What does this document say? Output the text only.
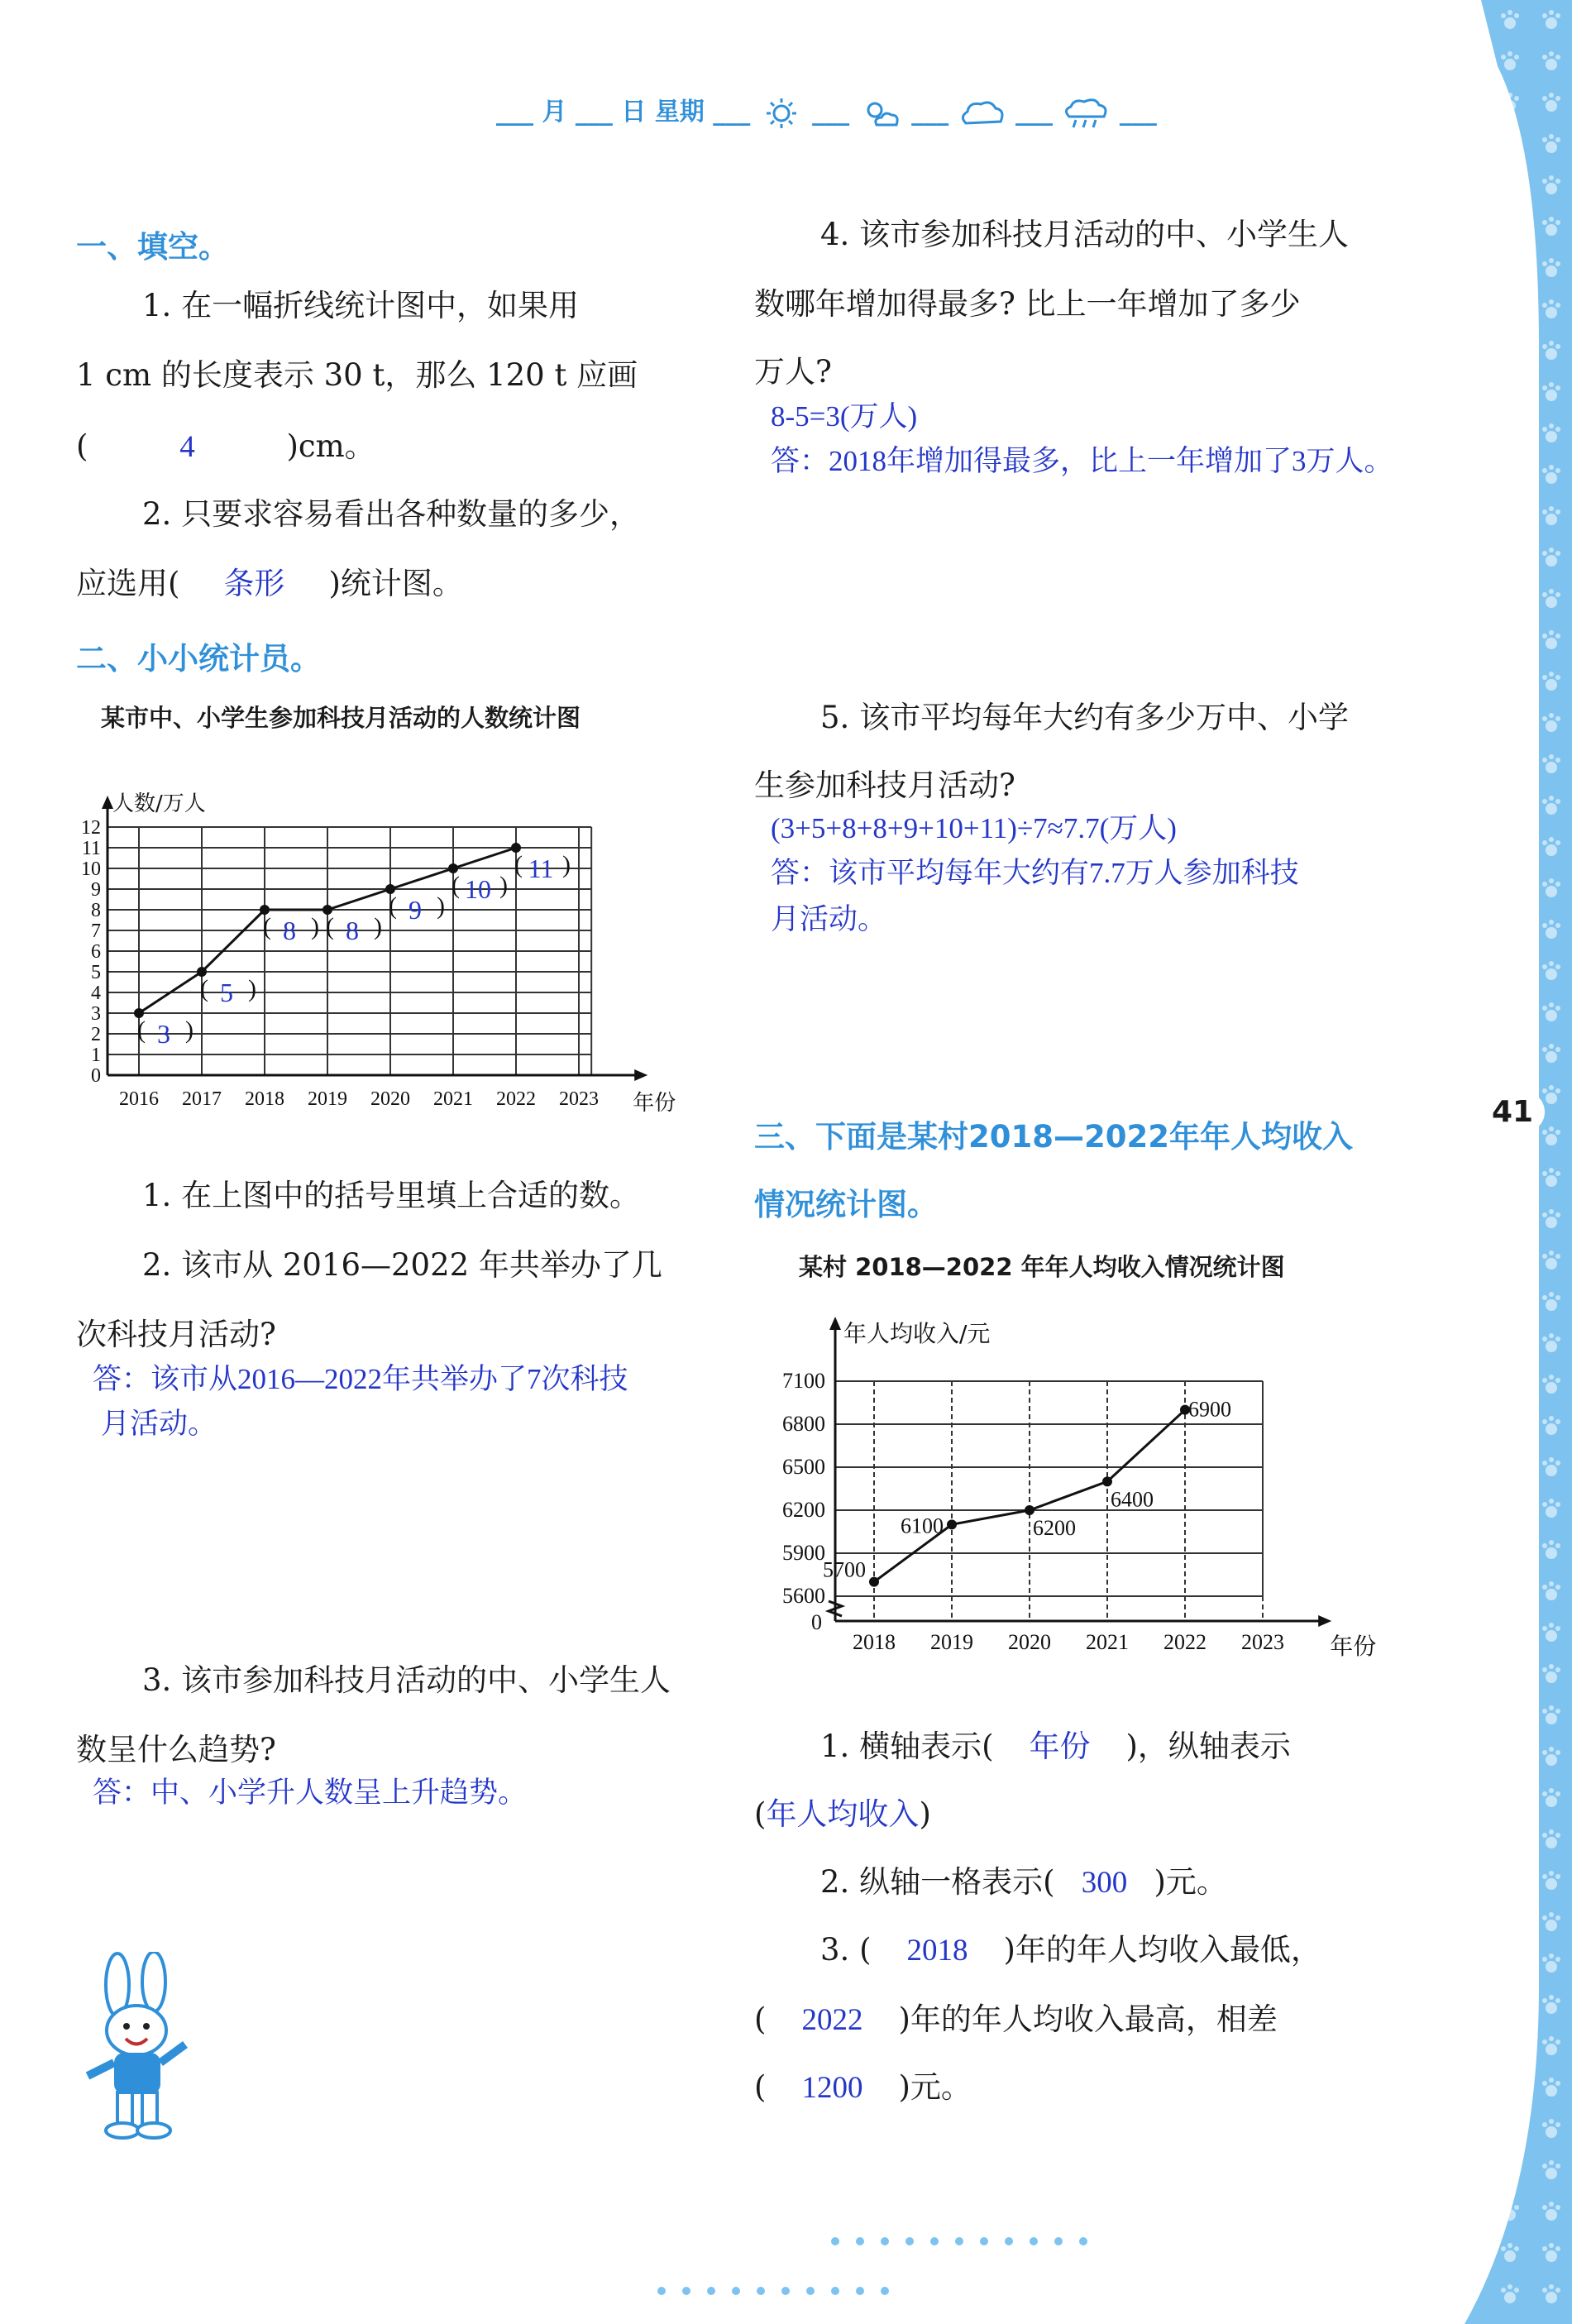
___ 月 ___ 日 星期 ___  ___  ___  ___  ___
41
一、填空。
1. 在一幅折线统计图中，如果用
1 cm 的长度表示 30 t，那么 120 t 应画
(	4	)cm。
2. 只要求容易看出各种数量的多少，
应选用( 条形 )统计图。
二、小小统计员。
某市中、小学生参加科技月活动的人数统计图
0
1
2
3
4
5
6
7
8
9
10
11
12
人数/万人
2016 2017 2018 2019 2020 2021 2022 2023 年份
( )
3
( )
5
( )
8 ( )
8
( )
9
( )
10
( )
11
1. 在上图中的括号里填上合适的数。
2. 该市从 2016—2022 年共举办了几
次科技月活动?
答：该市从2016—2022年共举办了7次科技
月活动。
3. 该市参加科技月活动的中、小学生人
数呈什么趋势?
答：中、小学升人数呈上升趋势。
4. 该市参加科技月活动的中、小学生人
数哪年增加得最多? 比上一年增加了多少
万人?
8-5=3(万人)
答：2018年增加得最多，比上一年增加了3万人。
5. 该市平均每年大约有多少万中、小学
生参加科技月活动?
(3+5+8+8+9+10+11)÷7≈7.7(万人)
答：该市平均每年大约有7.7万人参加科技
月活动。
三、下面是某村2018—2022年年人均收入
情况统计图。
某村 2018—2022 年年人均收入情况统计图
5600
5900
6200
6500
6800
7100
0
年人均收入/元
2018 2019 2020 2021 2022 2023 年份
5700
6100	6200
6400
6900
1. 横轴表示( 年份 )，纵轴表示
(年人均收入)
2. 纵轴一格表示( 300 )元。
3. ( 2018 )年的年人均收入最低，
( 2022 )年的年人均收入最高，相差
( 1200 )元。
